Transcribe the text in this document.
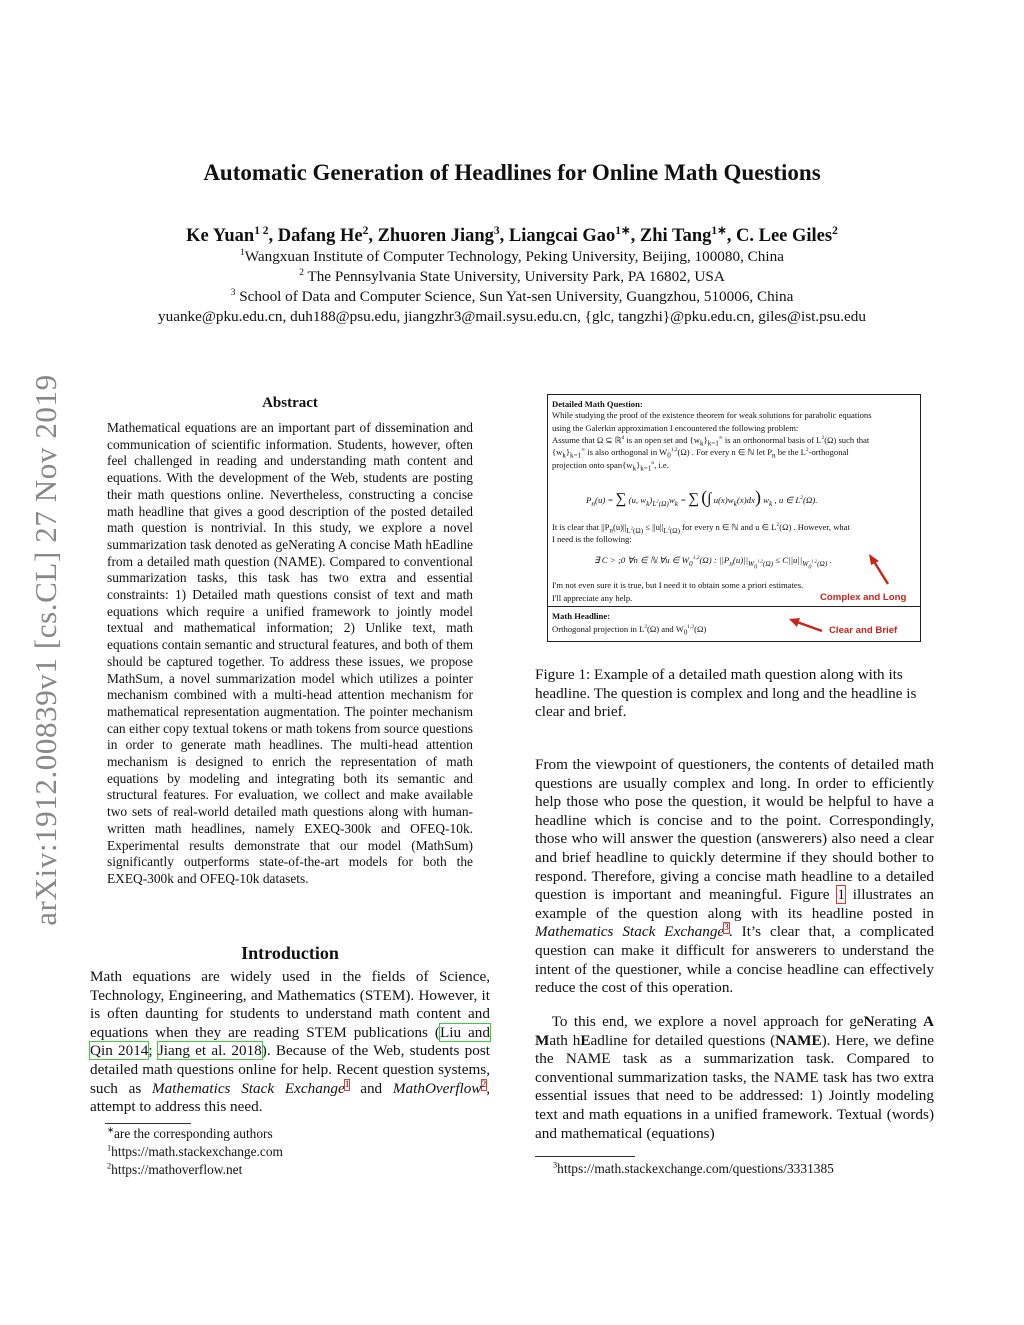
arXiv:1912.00839v1 [cs.CL] 27 Nov 2019
Automatic Generation of Headlines for Online Math Questions
Ke Yuan$^{1 2}$, Dafang He$^2$, Zhuoren Jiang$^3$, Liangcai Gao$^{1∗}$, Zhi Tang$^{1∗}$, C. Lee Giles$^2$
$^1$Wangxuan Institute of Computer Technology, Peking University, Beijing, 100080, China
$^2$ The Pennsylvania State University, University Park, PA 16802, USA
$^3$ School of Data and Computer Science, Sun Yat-sen University, Guangzhou, 510006, China
yuanke@pku.edu.cn, duh188@psu.edu, jiangzhr3@mail.sysu.edu.cn, {glc, tangzhi}@pku.edu.cn, giles@ist.psu.edu
Abstract
Mathematical equations are an important part of dissemination and communication of scientific information. Students, however, often feel challenged in reading and understanding math content and equations. With the development of the Web, students are posting their math questions online. Nevertheless, constructing a concise math headline that gives a good description of the posted detailed math question is nontrivial. In this study, we explore a novel summarization task denoted as geNerating A concise Math hEadline from a detailed math question (NAME). Compared to conventional summarization tasks, this task has two extra and essential constraints: 1) Detailed math questions consist of text and math equations which require a unified framework to jointly model textual and mathematical information; 2) Unlike text, math equations contain semantic and structural features, and both of them should be captured together. To address these issues, we propose MathSum, a novel summarization model which utilizes a pointer mechanism combined with a multi-head attention mechanism for mathematical representation augmentation. The pointer mechanism can either copy textual tokens or math tokens from source questions in order to generate math headlines. The multi-head attention mechanism is designed to enrich the representation of math equations by modeling and integrating both its semantic and structural features. For evaluation, we collect and make available two sets of real-world detailed math questions along with human-written math headlines, namely EXEQ-300k and OFEQ-10k. Experimental results demonstrate that our model (MathSum) significantly outperforms state-of-the-art models for both the EXEQ-300k and OFEQ-10k datasets.
Introduction
Math equations are widely used in the fields of Science, Technology, Engineering, and Mathematics (STEM). However, it is often daunting for students to understand math content and equations when they are reading STEM publications (Liu and Qin 2014; Jiang et al. 2018). Because of the Web, students post detailed math questions online for help. Recent question systems, such as Mathematics Stack Exchange$^1$ and MathOverflow$^2$, attempt to address this need.
∗are the corresponding authors
$^1$https://math.stackexchange.com
$^2$https://mathoverflow.net
Detailed Math Question:
While studying the proof of the existence theorem for weak solutions for parabolic equations
using the Galerkin approximation I encountered the following problem:
Assume that Ω ⊆ ℝ$^d$ is an open set and $\{w_k\}_{k=1}^\infty$ is an orthonormal basis of $L^2(\Omega)$ such that
$\{w_k\}_{k=1}^\infty$ is also orthogonal in $W_0^{1,2}(\Omega)$ . For every n ∈ ℕ let $P_n$ be the $L^2$-orthogonal
projection onto $span\{w_k\}_{k=1}^n$, i.e.
$P_n(u)$ = ∑ (u, $w_k)_{L^2(\Omega)}w_k$ = ∑ (∫ $u(x)w_k(x)dx$) $w_k$ , u ∈ $L^2(\Omega)$.
It is clear that $||P_n(u)||_{L^2(\Omega)} \le ||u||_{L^2(\Omega)}$ for every n ∈ ℕ and u ∈ $L^2(\Omega)$ . However, what
I need is the following:
∃ C > ;0 ∀n ∈ ℕ ∀u ∈ $W_0^{1,2}(\Omega)$ : $||P_n(u)||_{W_0^{1,2}(\Omega)} \le C||u||_{W_0^{1,2}(\Omega)}$ .
I'm not even sure it is true, but I need it to obtain some a priori estimates.
I'll appreciate any help.	Complex and Long
Math Headline:
Orthogonal projection in $L^2(\Omega)$ and $W_0^{1,2}(\Omega)$	Clear and Brief
Figure 1: Example of a detailed math question along with its headline. The question is complex and long and the headline is clear and brief.
From the viewpoint of questioners, the contents of detailed math questions are usually complex and long. In order to efficiently help those who pose the question, it would be helpful to have a headline which is concise and to the point. Correspondingly, those who will answer the question (answerers) also need a clear and brief headline to quickly determine if they should bother to respond. Therefore, giving a concise math headline to a detailed question is important and meaningful. Figure 1 illustrates an example of the question along with its headline posted in Mathematics Stack Exchange$^3$. It’s clear that, a complicated question can make it difficult for answerers to understand the intent of the questioner, while a concise headline can effectively reduce the cost of this operation.
To this end, we explore a novel approach for geNerating A Math hEadline for detailed questions (NAME). Here, we define the NAME task as a summarization task. Compared to conventional summarization tasks, the NAME task has two extra essential issues that need to be addressed: 1) Jointly modeling text and math equations in a unified framework. Textual (words) and mathematical (equations)
$^3$https://math.stackexchange.com/questions/3331385
